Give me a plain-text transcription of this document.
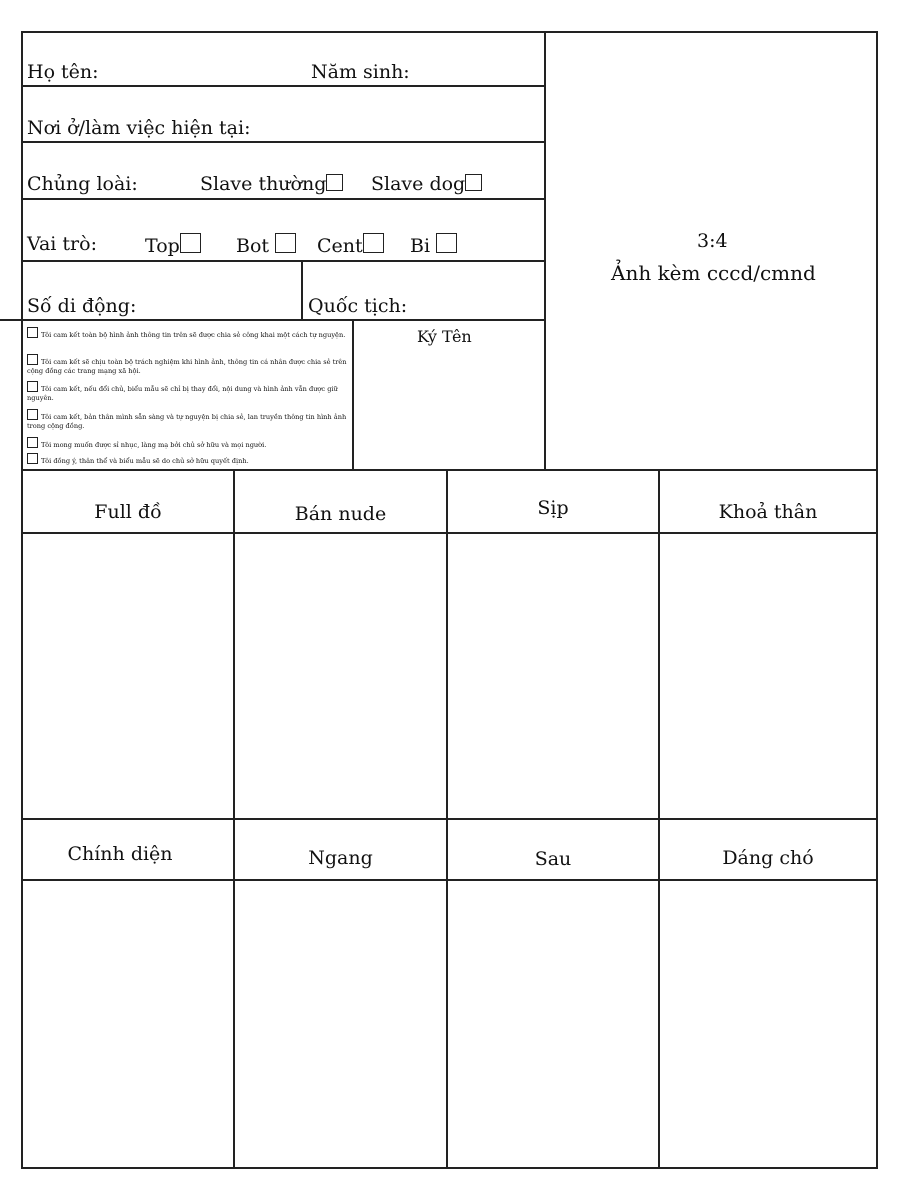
Họ tên:	Năm sinh:
Nơi ở/làm việc hiện tại:
Chủng loài:	Slave thường	Slave dog
Vai trò:	Top	Bot	Cent	Bi
Số di động:	Quốc tịch:
Tôi cam kết toàn bộ hình ảnh thông tin trên sẽ được chia sẻ công khai một cách tự nguyện.
Tôi cam kết sẽ chịu toàn bộ trách nghiệm khi hình ảnh, thông tin cá nhân được chia sẻ trên cộng đồng các trang mạng xã hội.
Tôi cam kết, nếu đổi chủ, biểu mẫu sẽ chỉ bị thay đổi, nội dung và hình ảnh vẫn được giữ nguyên.
Tôi cam kết, bản thân mình sẵn sàng và tự nguyện bị chia sẻ, lan truyền thông tin hình ảnh trong cộng đồng.
Tôi mong muốn được sỉ nhục, làng mạ bởi chủ sở hữu và mọi người.
Tôi đồng ý, thân thể và biểu mẫu sẽ do chủ sở hữu quyết định.
Ký Tên
3:4
Ảnh kèm cccd/cmnd
Full đồ	Bán nude	Sịp	Khoả thân
Chính diện	Ngang	Sau	Dáng chó
